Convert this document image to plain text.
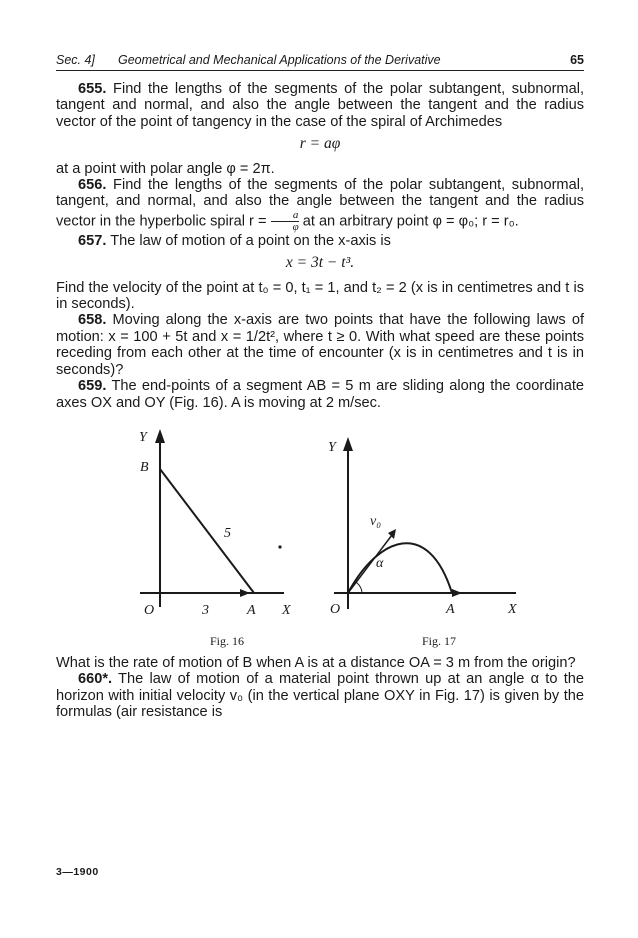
Sec. 4] Geometrical and Mechanical Applications of the Derivative	65

655. Find the lengths of the segments of the polar subtangent, subnormal, tangent and normal, and also the angle between the tangent and the radius vector of the point of tangency in the case of the spiral of Archimedes

r = aφ

at a point with polar angle φ = 2π.

656. Find the lengths of the segments of the polar subtangent, subnormal, tangent, and normal, and also the angle between the tangent and the radius vector in the hyperbolic spiral $r = \frac{a}{\varphi}$ at an arbitrary point φ = φ₀; r = r₀.

657. The law of motion of a point on the x-axis is

x = 3t − t³.

Find the velocity of the point at t₀ = 0, t₁ = 1, and t₂ = 2 (x is in centimetres and t is in seconds).

658. Moving along the x-axis are two points that have the following laws of motion: x = 100 + 5t and x = 1/2t², where t ≥ 0. With what speed are these points receding from each other at the time of encounter (x is in centimetres and t is in seconds)?

659. The end-points of a segment AB = 5 m are sliding along the coordinate axes OX and OY (Fig. 16). A is moving at 2 m/sec.

Y
B
5
O	3	A X
Fig. 16
Y
v₀
α
O	A	X
Fig. 17

What is the rate of motion of B when A is at a distance OA = 3 m from the origin?

660*. The law of motion of a material point thrown up at an angle α to the horizon with initial velocity v₀ (in the vertical plane OXY in Fig. 17) is given by the formulas (air resistance is

3—1900
